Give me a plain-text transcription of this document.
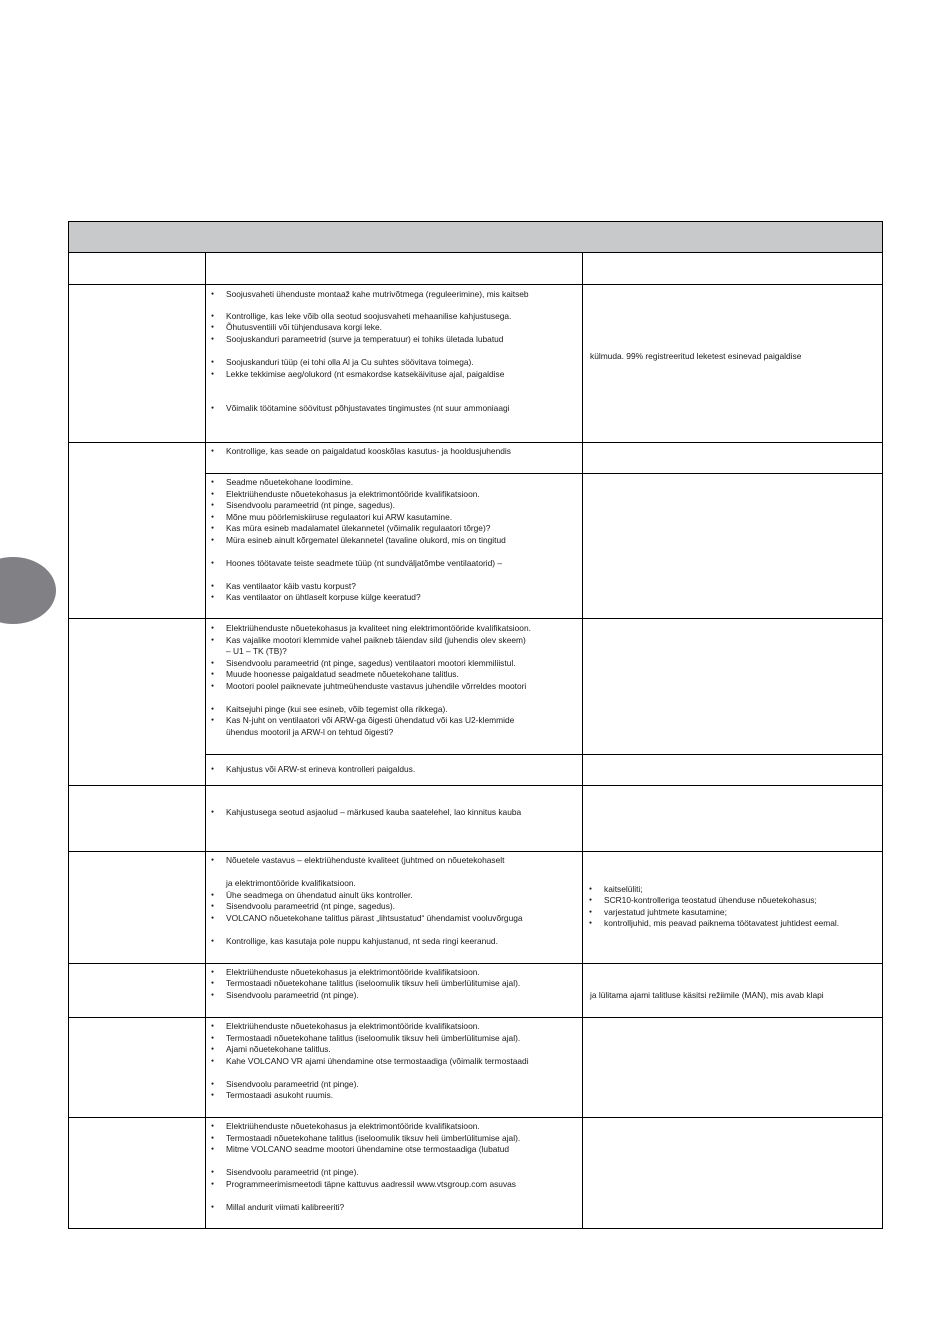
● Soojusvaheti ühenduste montaaž kahe mutrivõtmega (reguleerimine), mis kaitseb
● Kontrollige, kas leke võib olla seotud soojusvaheti mehaanilise kahjustusega.
● Õhutusventiili või tühjendusava korgi leke.
● Soojuskanduri parameetrid (surve ja temperatuur) ei tohiks ületada lubatud
● Soojuskanduri tüüp (ei tohi olla Al ja Cu suhtes söövitava toimega).
● Lekke tekkimise aeg/olukord (nt esmakordse katsekäivituse ajal, paigaldise
● Võimalik töötamine söövitust põhjustavates tingimustes (nt suur ammoniaagi
külmuda. 99% registreeritud leketest esinevad paigaldise
● Kontrollige, kas seade on paigaldatud kooskõlas kasutus- ja hooldusjuhendis
● Seadme nõuetekohane loodimine.
● Elektriühenduste nõuetekohasus ja elektrimontööride kvalifikatsioon.
● Sisendvoolu parameetrid (nt pinge, sagedus).
● Mõne muu pöörlemiskiiruse regulaatori kui ARW kasutamine.
● Kas müra esineb madalamatel ülekannetel (võimalik regulaatori tõrge)?
● Müra esineb ainult kõrgematel ülekannetel (tavaline olukord, mis on tingitud
● Hoones töötavate teiste seadmete tüüp (nt sundväljatõmbe ventilaatorid) –
● Kas ventilaator käib vastu korpust?
● Kas ventilaator on ühtlaselt korpuse külge keeratud?
● Elektriühenduste nõuetekohasus ja kvaliteet ning elektrimontööride kvalifikatsioon.
● Kas vajalike mootori klemmide vahel paikneb täiendav sild (juhendis olev skeem)
– U1 – TK (TB)?
● Sisendvoolu parameetrid (nt pinge, sagedus) ventilaatori mootori klemmiliistul.
● Muude hoonesse paigaldatud seadmete nõuetekohane talitlus.
● Mootori poolel paiknevate juhtmeühenduste vastavus juhendile võrreldes mootori
● Kaitsejuhi pinge (kui see esineb, võib tegemist olla rikkega).
● Kas N-juht on ventilaatori või ARW-ga õigesti ühendatud või kas U2-klemmide
ühendus mootoril ja ARW-l on tehtud õigesti?
● Kahjustus või ARW-st erineva kontrolleri paigaldus.
● Kahjustusega seotud asjaolud – märkused kauba saatelehel, lao kinnitus kauba
● Nõuetele vastavus – elektriühenduste kvaliteet (juhtmed on nõuetekohaselt
ja elektrimontööride kvalifikatsioon.
● Ühe seadmega on ühendatud ainult üks kontroller.
● Sisendvoolu parameetrid (nt pinge, sagedus).
● VOLCANO nõuetekohane talitlus pärast „lihtsustatud“ ühendamist vooluvõrguga
● Kontrollige, kas kasutaja pole nuppu kahjustanud, nt seda ringi keeranud.
● kaitselüliti;
● SCR10-kontrolleriga teostatud ühenduse nõuetekohasus;
● varjestatud juhtmete kasutamine;
● kontrolljuhid, mis peavad paiknema töötavatest juhtidest eemal.
● Elektriühenduste nõuetekohasus ja elektrimontööride kvalifikatsioon.
● Termostaadi nõuetekohane talitlus (iseloomulik tiksuv heli ümberlülitumise ajal).
● Sisendvoolu parameetrid (nt pinge).	ja lülitama ajami talitluse käsitsi režiimile (MAN), mis avab klapi
● Elektriühenduste nõuetekohasus ja elektrimontööride kvalifikatsioon.
● Termostaadi nõuetekohane talitlus (iseloomulik tiksuv heli ümberlülitumise ajal).
● Ajami nõuetekohane talitlus.
● Kahe VOLCANO VR ajami ühendamine otse termostaadiga (võimalik termostaadi
● Sisendvoolu parameetrid (nt pinge).
● Termostaadi asukoht ruumis.
● Elektriühenduste nõuetekohasus ja elektrimontööride kvalifikatsioon.
● Termostaadi nõuetekohane talitlus (iseloomulik tiksuv heli ümberlülitumise ajal).
● Mitme VOLCANO seadme mootori ühendamine otse termostaadiga (lubatud
● Sisendvoolu parameetrid (nt pinge).
● Programmeerimismeetodi täpne kattuvus aadressil www.vtsgroup.com asuvas
● Millal andurit viimati kalibreeriti?
